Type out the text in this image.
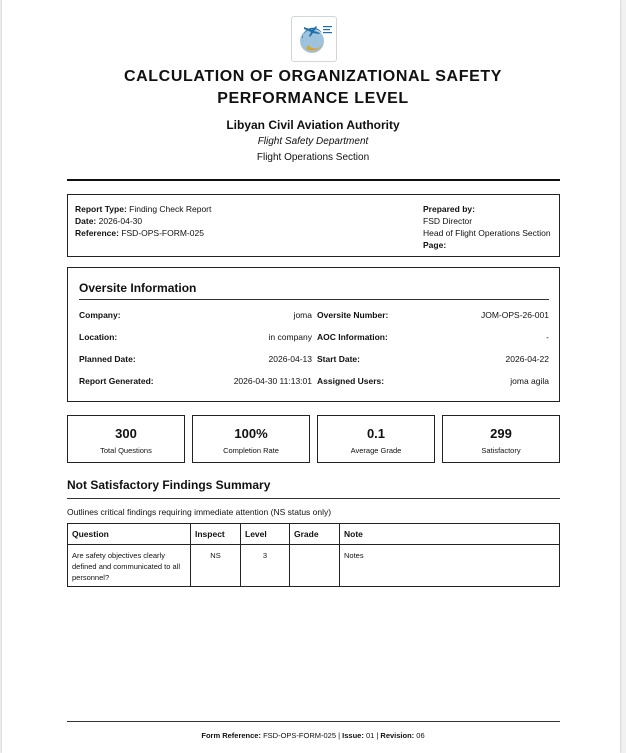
CALCULATION OF ORGANIZATIONAL SAFETY
PERFORMANCE LEVEL
Libyan Civil Aviation Authority
Flight Safety Department
Flight Operations Section
Report Type: Finding Check Report
Date: 2026-04-30
Reference: FSD-OPS-FORM-025
Prepared by:
FSD Director
Head of Flight Operations Section
Page:
Oversite Information
Company:	joma Oversite Number:	JOM-OPS-26-001
Location:	in company AOC Information:	-
Planned Date:	2026-04-13 Start Date:	2026-04-22
Report Generated:	2026-04-30 11:13:01 Assigned Users:	joma agila
300
Total Questions
100%
Completion Rate
0.1
Average Grade
299
Satisfactory
Not Satisfactory Findings Summary
Outlines critical findings requiring immediate attention (NS status only)
Question	Inspect	Level	Grade	Note
Are safety objectives clearly defined and communicated to all personnel?	NS	3		Notes
Form Reference: FSD-OPS-FORM-025 | Issue: 01 | Revision: 06
